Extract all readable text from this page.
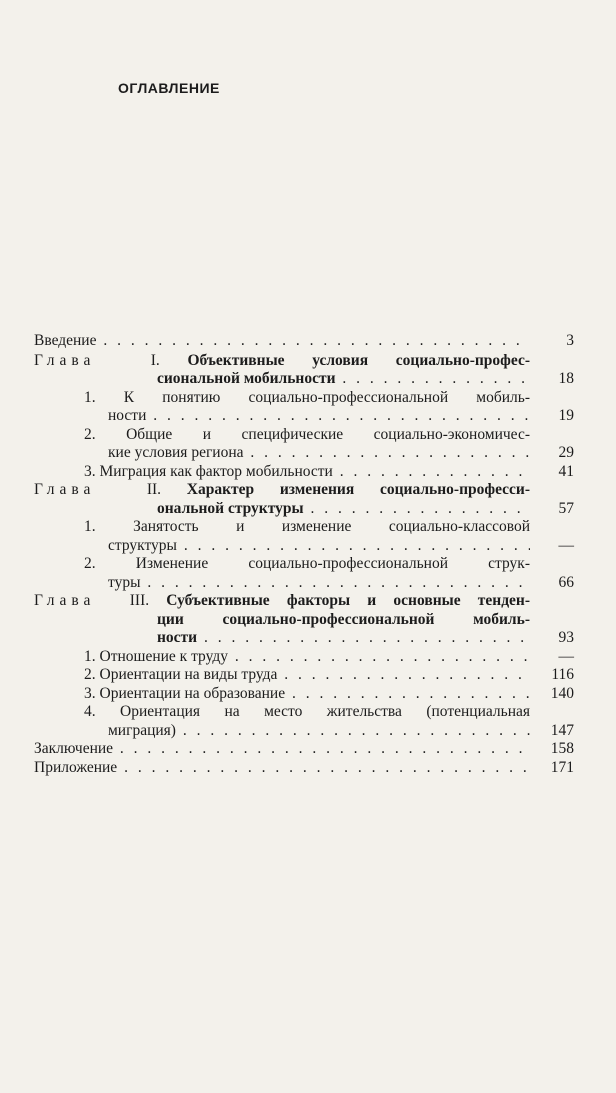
ОГЛАВЛЕНИЕ
Введение . . .	3
Глава	I. Объективные условия социально-профес-
сиональной мобильности . . .	18
1. К понятию социально-профессиональной мобиль-
ности . . .	19
2. Общие и специфические социально-экономичес-
кие условия региона . . .	29
3. Миграция как фактор мобильности . . .	41
Глава	II. Характер изменения социально-професси-
ональной структуры . . .	57
1. Занятость и изменение социально-классовой
структуры . . .	—
2. Изменение социально-профессиональной струк-
туры . . .	66
Глава III. Субъективные факторы и основные тенден-
ции социально-профессиональной мобиль-
ности . . .	93
1. Отношение к труду . . .	—
2. Ориентации на виды труда . . .	116
3. Ориентации на образование . . .	140
4. Ориентация на место жительства (потенциальная
миграция) . . .	147
Заключение . . .	158
Приложение . . .	171
